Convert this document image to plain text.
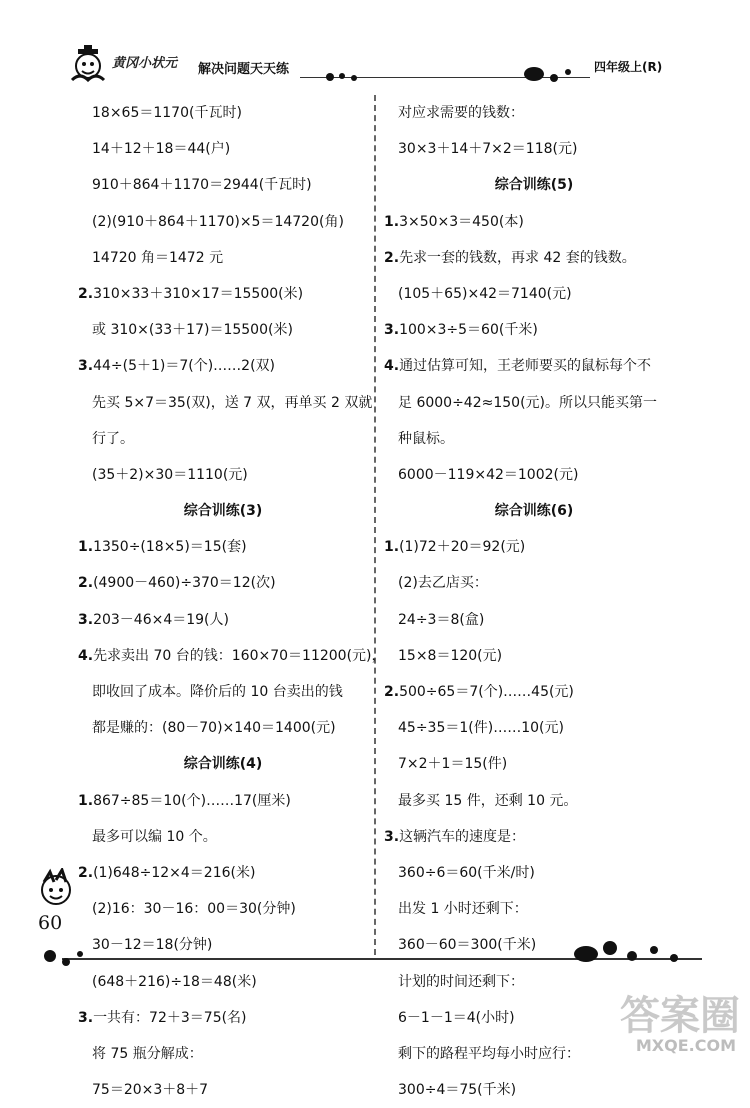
黄冈小状元 解决问题天天练	四年级上(R)
18×65＝1170(千瓦时)
14＋12＋18＝44(户)
910＋864＋1170＝2944(千瓦时)
(2)(910＋864＋1170)×5＝14720(角)
14720 角＝1472 元
2.310×33＋310×17＝15500(米)
或 310×(33＋17)＝15500(米)
3.44÷(5＋1)＝7(个)……2(双)
先买 5×7＝35(双)，送 7 双，再单买 2 双就
行了。
(35＋2)×30＝1110(元)
综合训练(3)
1.1350÷(18×5)＝15(套)
2.(4900－460)÷370＝12(次)
3.203－46×4＝19(人)
4.先求卖出 70 台的钱：160×70＝11200(元)，
即收回了成本。降价后的 10 台卖出的钱
都是赚的：(80－70)×140＝1400(元)
综合训练(4)
1.867÷85＝10(个)……17(厘米)
最多可以编 10 个。
2.(1)648÷12×4＝216(米)
(2)16：30－16：00＝30(分钟)
30－12＝18(分钟)
(648＋216)÷18＝48(米)
3.一共有：72＋3＝75(名)
将 75 瓶分解成：
75＝20×3＋8＋7
对应求需要的钱数：
30×3＋14＋7×2＝118(元)
综合训练(5)
1.3×50×3＝450(本)
2.先求一套的钱数，再求 42 套的钱数。
(105＋65)×42＝7140(元)
3.100×3÷5＝60(千米)
4.通过估算可知，王老师要买的鼠标每个不
足 6000÷42≈150(元)。所以只能买第一
种鼠标。
6000－119×42＝1002(元)
综合训练(6)
1.(1)72＋20＝92(元)
(2)去乙店买：
24÷3＝8(盒)
15×8＝120(元)
2.500÷65＝7(个)……45(元)
45÷35＝1(件)……10(元)
7×2＋1＝15(件)
最多买 15 件，还剩 10 元。
3.这辆汽车的速度是：
360÷6＝60(千米/时)
出发 1 小时还剩下：
360－60＝300(千米)
计划的时间还剩下：
6－1－1＝4(小时)
剩下的路程平均每小时应行：
300÷4＝75(千米)
60
答案圈
MXQE.COM
